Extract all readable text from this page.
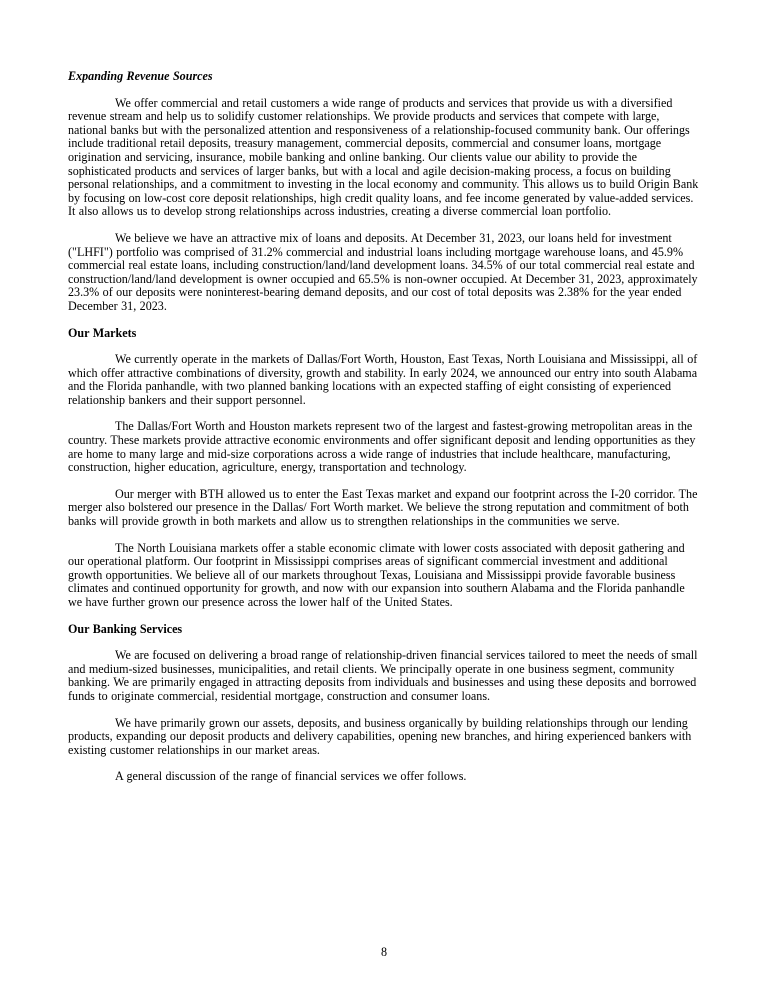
Expanding Revenue Sources

We offer commercial and retail customers a wide range of products and services that provide us with a diversified revenue stream and help us to solidify customer relationships. We provide products and services that compete with large, national banks but with the personalized attention and responsiveness of a relationship-focused community bank. Our offerings include traditional retail deposits, treasury management, commercial deposits, commercial and consumer loans, mortgage origination and servicing, insurance, mobile banking and online banking. Our clients value our ability to provide the sophisticated products and services of larger banks, but with a local and agile decision-making process, a focus on building personal relationships, and a commitment to investing in the local economy and community. This allows us to build Origin Bank by focusing on low-cost core deposit relationships, high credit quality loans, and fee income generated by value-added services. It also allows us to develop strong relationships across industries, creating a diverse commercial loan portfolio.

We believe we have an attractive mix of loans and deposits. At December 31, 2023, our loans held for investment ("LHFI") portfolio was comprised of 31.2% commercial and industrial loans including mortgage warehouse loans, and 45.9% commercial real estate loans, including construction/land/land development loans. 34.5% of our total commercial real estate and construction/land/land development is owner occupied and 65.5% is non-owner occupied. At December 31, 2023, approximately 23.3% of our deposits were noninterest-bearing demand deposits, and our cost of total deposits was 2.38% for the year ended December 31, 2023.

Our Markets

We currently operate in the markets of Dallas/Fort Worth, Houston, East Texas, North Louisiana and Mississippi, all of which offer attractive combinations of diversity, growth and stability. In early 2024, we announced our entry into south Alabama and the Florida panhandle, with two planned banking locations with an expected staffing of eight consisting of experienced relationship bankers and their support personnel.

The Dallas/Fort Worth and Houston markets represent two of the largest and fastest-growing metropolitan areas in the country. These markets provide attractive economic environments and offer significant deposit and lending opportunities as they are home to many large and mid-size corporations across a wide range of industries that include healthcare, manufacturing, construction, higher education, agriculture, energy, transportation and technology.

Our merger with BTH allowed us to enter the East Texas market and expand our footprint across the I-20 corridor. The merger also bolstered our presence in the Dallas/ Fort Worth market. We believe the strong reputation and commitment of both banks will provide growth in both markets and allow us to strengthen relationships in the communities we serve.

The North Louisiana markets offer a stable economic climate with lower costs associated with deposit gathering and our operational platform. Our footprint in Mississippi comprises areas of significant commercial investment and additional growth opportunities. We believe all of our markets throughout Texas, Louisiana and Mississippi provide favorable business climates and continued opportunity for growth, and now with our expansion into southern Alabama and the Florida panhandle we have further grown our presence across the lower half of the United States.

Our Banking Services

We are focused on delivering a broad range of relationship-driven financial services tailored to meet the needs of small and medium-sized businesses, municipalities, and retail clients. We principally operate in one business segment, community banking. We are primarily engaged in attracting deposits from individuals and businesses and using these deposits and borrowed funds to originate commercial, residential mortgage, construction and consumer loans.

We have primarily grown our assets, deposits, and business organically by building relationships through our lending products, expanding our deposit products and delivery capabilities, opening new branches, and hiring experienced bankers with existing customer relationships in our market areas.

A general discussion of the range of financial services we offer follows.

8
